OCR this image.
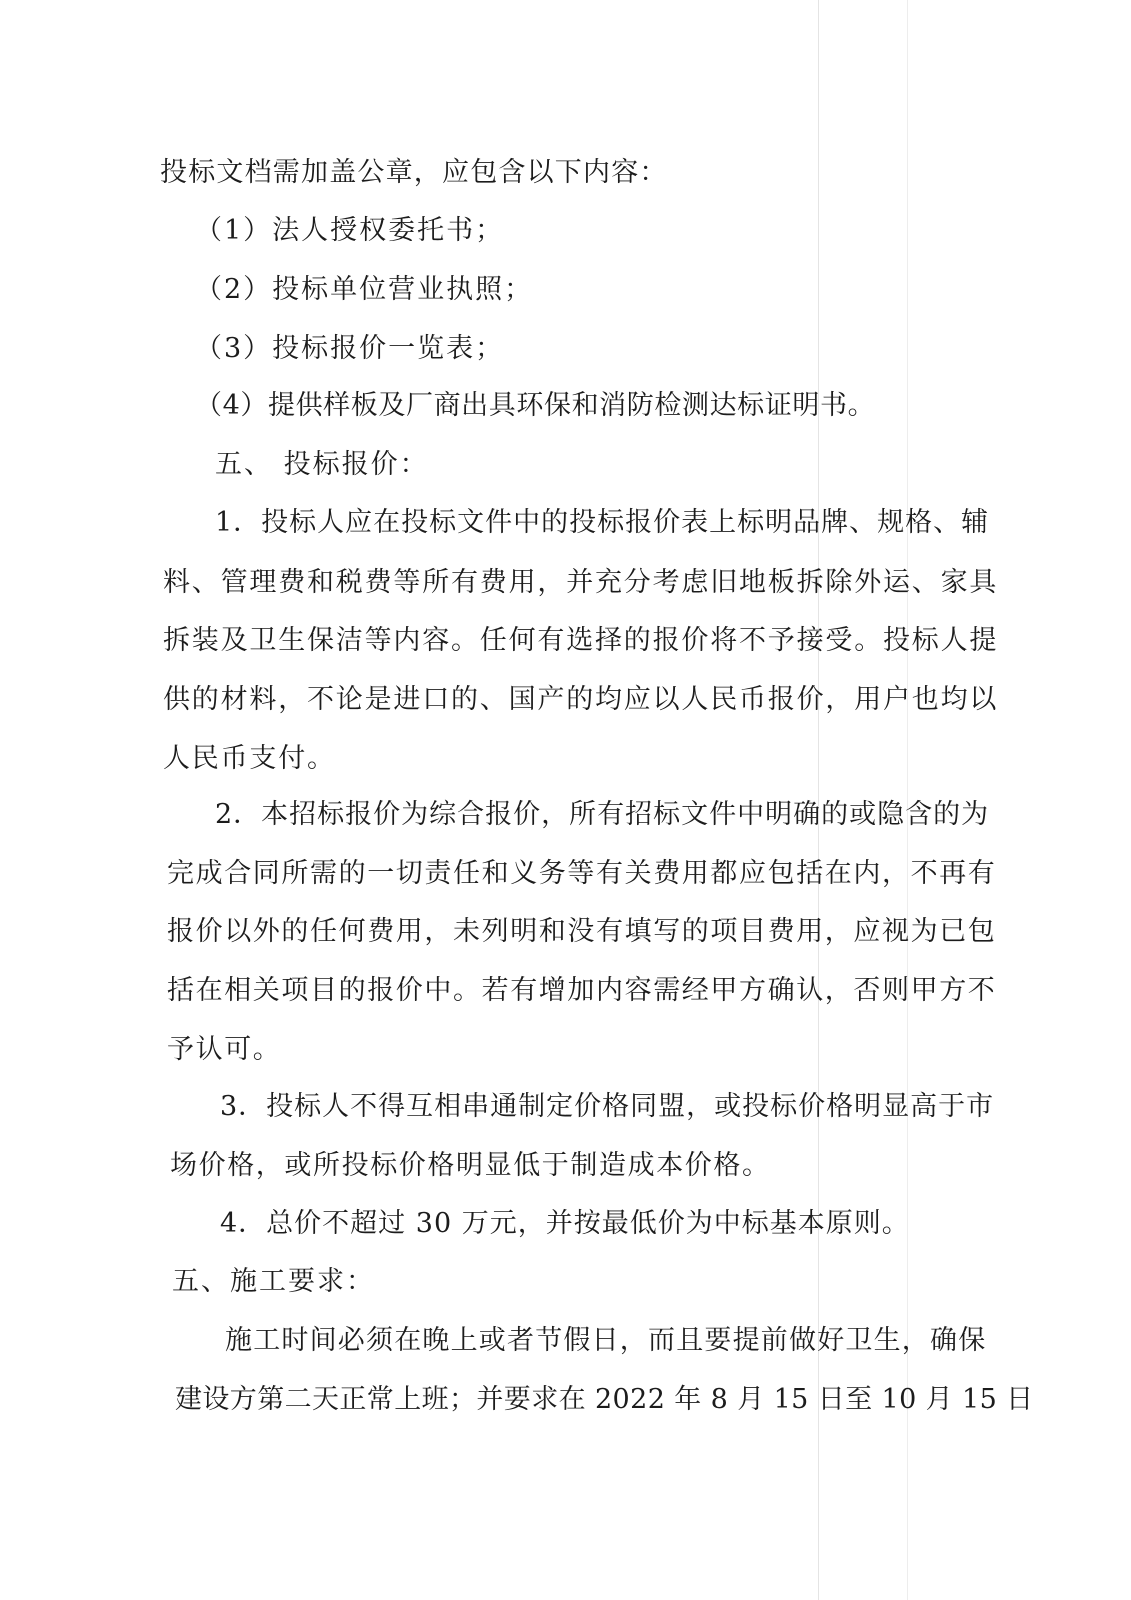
投标文档需加盖公章，应包含以下内容：

（1）法人授权委托书；

（2）投标单位营业执照；

（3）投标报价一览表；

（4）提供样板及厂商出具环保和消防检测达标证明书。

五、 投标报价：

1．投标人应在投标文件中的投标报价表上标明品牌、规格、辅

料、管理费和税费等所有费用，并充分考虑旧地板拆除外运、家具

拆装及卫生保洁等内容。任何有选择的报价将不予接受。投标人提

供的材料，不论是进口的、国产的均应以人民币报价，用户也均以

人民币支付。

2．本招标报价为综合报价，所有招标文件中明确的或隐含的为

完成合同所需的一切责任和义务等有关费用都应包括在内，不再有

报价以外的任何费用，未列明和没有填写的项目费用，应视为已包

括在相关项目的报价中。若有增加内容需经甲方确认，否则甲方不

予认可。

3．投标人不得互相串通制定价格同盟，或投标价格明显高于市

场价格，或所投标价格明显低于制造成本价格。

4．总价不超过 30 万元，并按最低价为中标基本原则。

五、施工要求：

施工时间必须在晚上或者节假日，而且要提前做好卫生，确保

建设方第二天正常上班；并要求在 2022 年 8 月 15 日至 10 月 15 日
